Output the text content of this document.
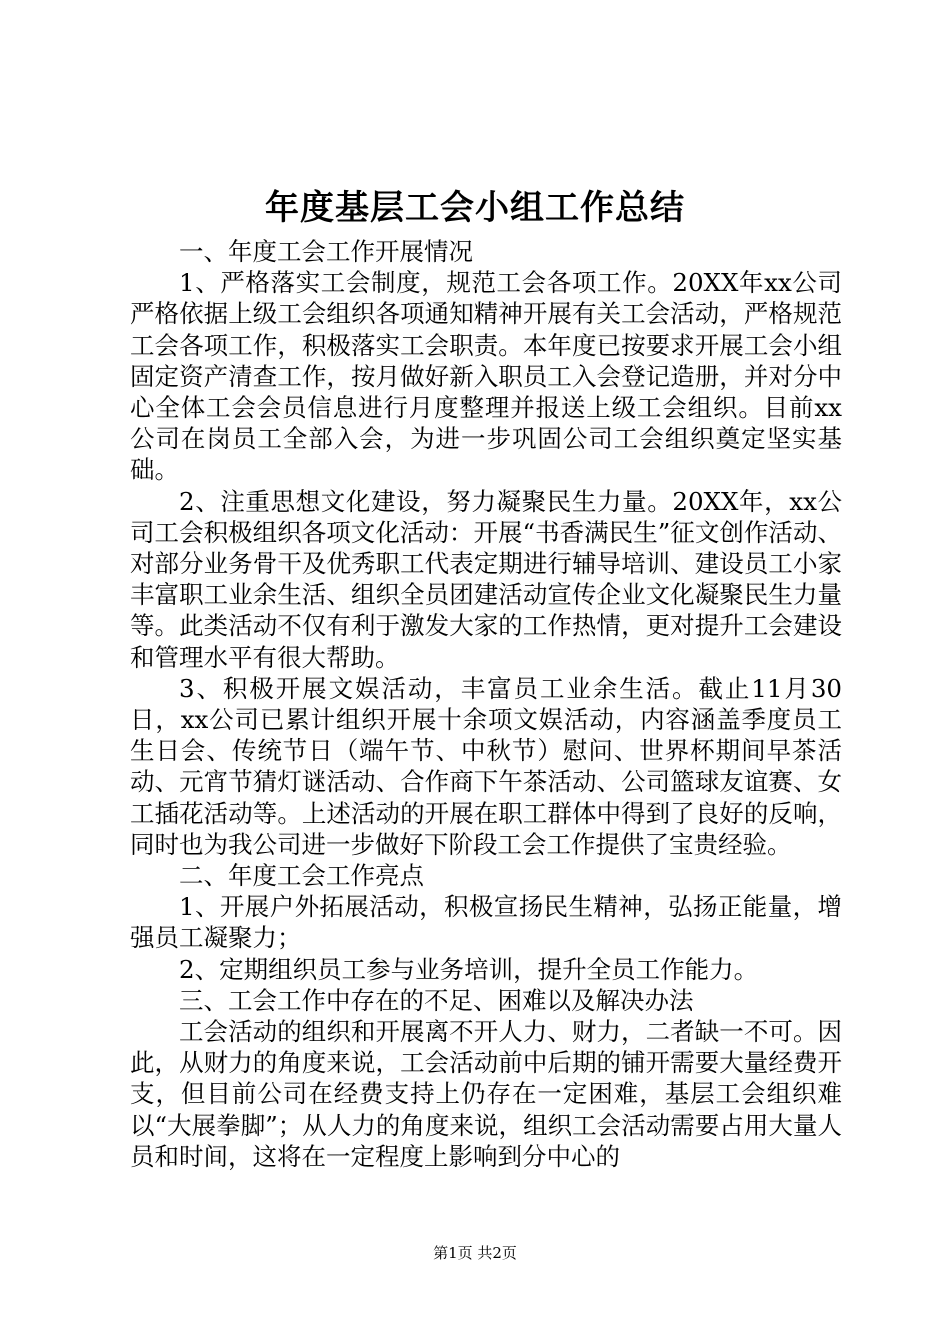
年度基层工会小组工作总结

一、年度工会工作开展情况

1、严格落实工会制度，规范工会各项工作。20XX年xx公司严格依据上级工会组织各项通知精神开展有关工会活动，严格规范工会各项工作，积极落实工会职责。本年度已按要求开展工会小组固定资产清查工作，按月做好新入职员工入会登记造册，并对分中心全体工会会员信息进行月度整理并报送上级工会组织。目前xx公司在岗员工全部入会，为进一步巩固公司工会组织奠定坚实基础。

2、注重思想文化建设，努力凝聚民生力量。20XX年，xx公司工会积极组织各项文化活动：开展“书香满民生”征文创作活动、对部分业务骨干及优秀职工代表定期进行辅导培训、建设员工小家丰富职工业余生活、组织全员团建活动宣传企业文化凝聚民生力量等。此类活动不仅有利于激发大家的工作热情，更对提升工会建设和管理水平有很大帮助。

3、积极开展文娱活动，丰富员工业余生活。截止11月30日，xx公司已累计组织开展十余项文娱活动，内容涵盖季度员工生日会、传统节日（端午节、中秋节）慰问、世界杯期间早茶活动、元宵节猜灯谜活动、合作商下午茶活动、公司篮球友谊赛、女工插花活动等。上述活动的开展在职工群体中得到了良好的反响，同时也为我公司进一步做好下阶段工会工作提供了宝贵经验。

二、年度工会工作亮点

1、开展户外拓展活动，积极宣扬民生精神，弘扬正能量，增强员工凝聚力；

2、定期组织员工参与业务培训，提升全员工作能力。

三、工会工作中存在的不足、困难以及解决办法

工会活动的组织和开展离不开人力、财力，二者缺一不可。因此，从财力的角度来说，工会活动前中后期的铺开需要大量经费开支，但目前公司在经费支持上仍存在一定困难，基层工会组织难以“大展拳脚”；从人力的角度来说，组织工会活动需要占用大量人员和时间，这将在一定程度上影响到分中心的

第1页 共2页
